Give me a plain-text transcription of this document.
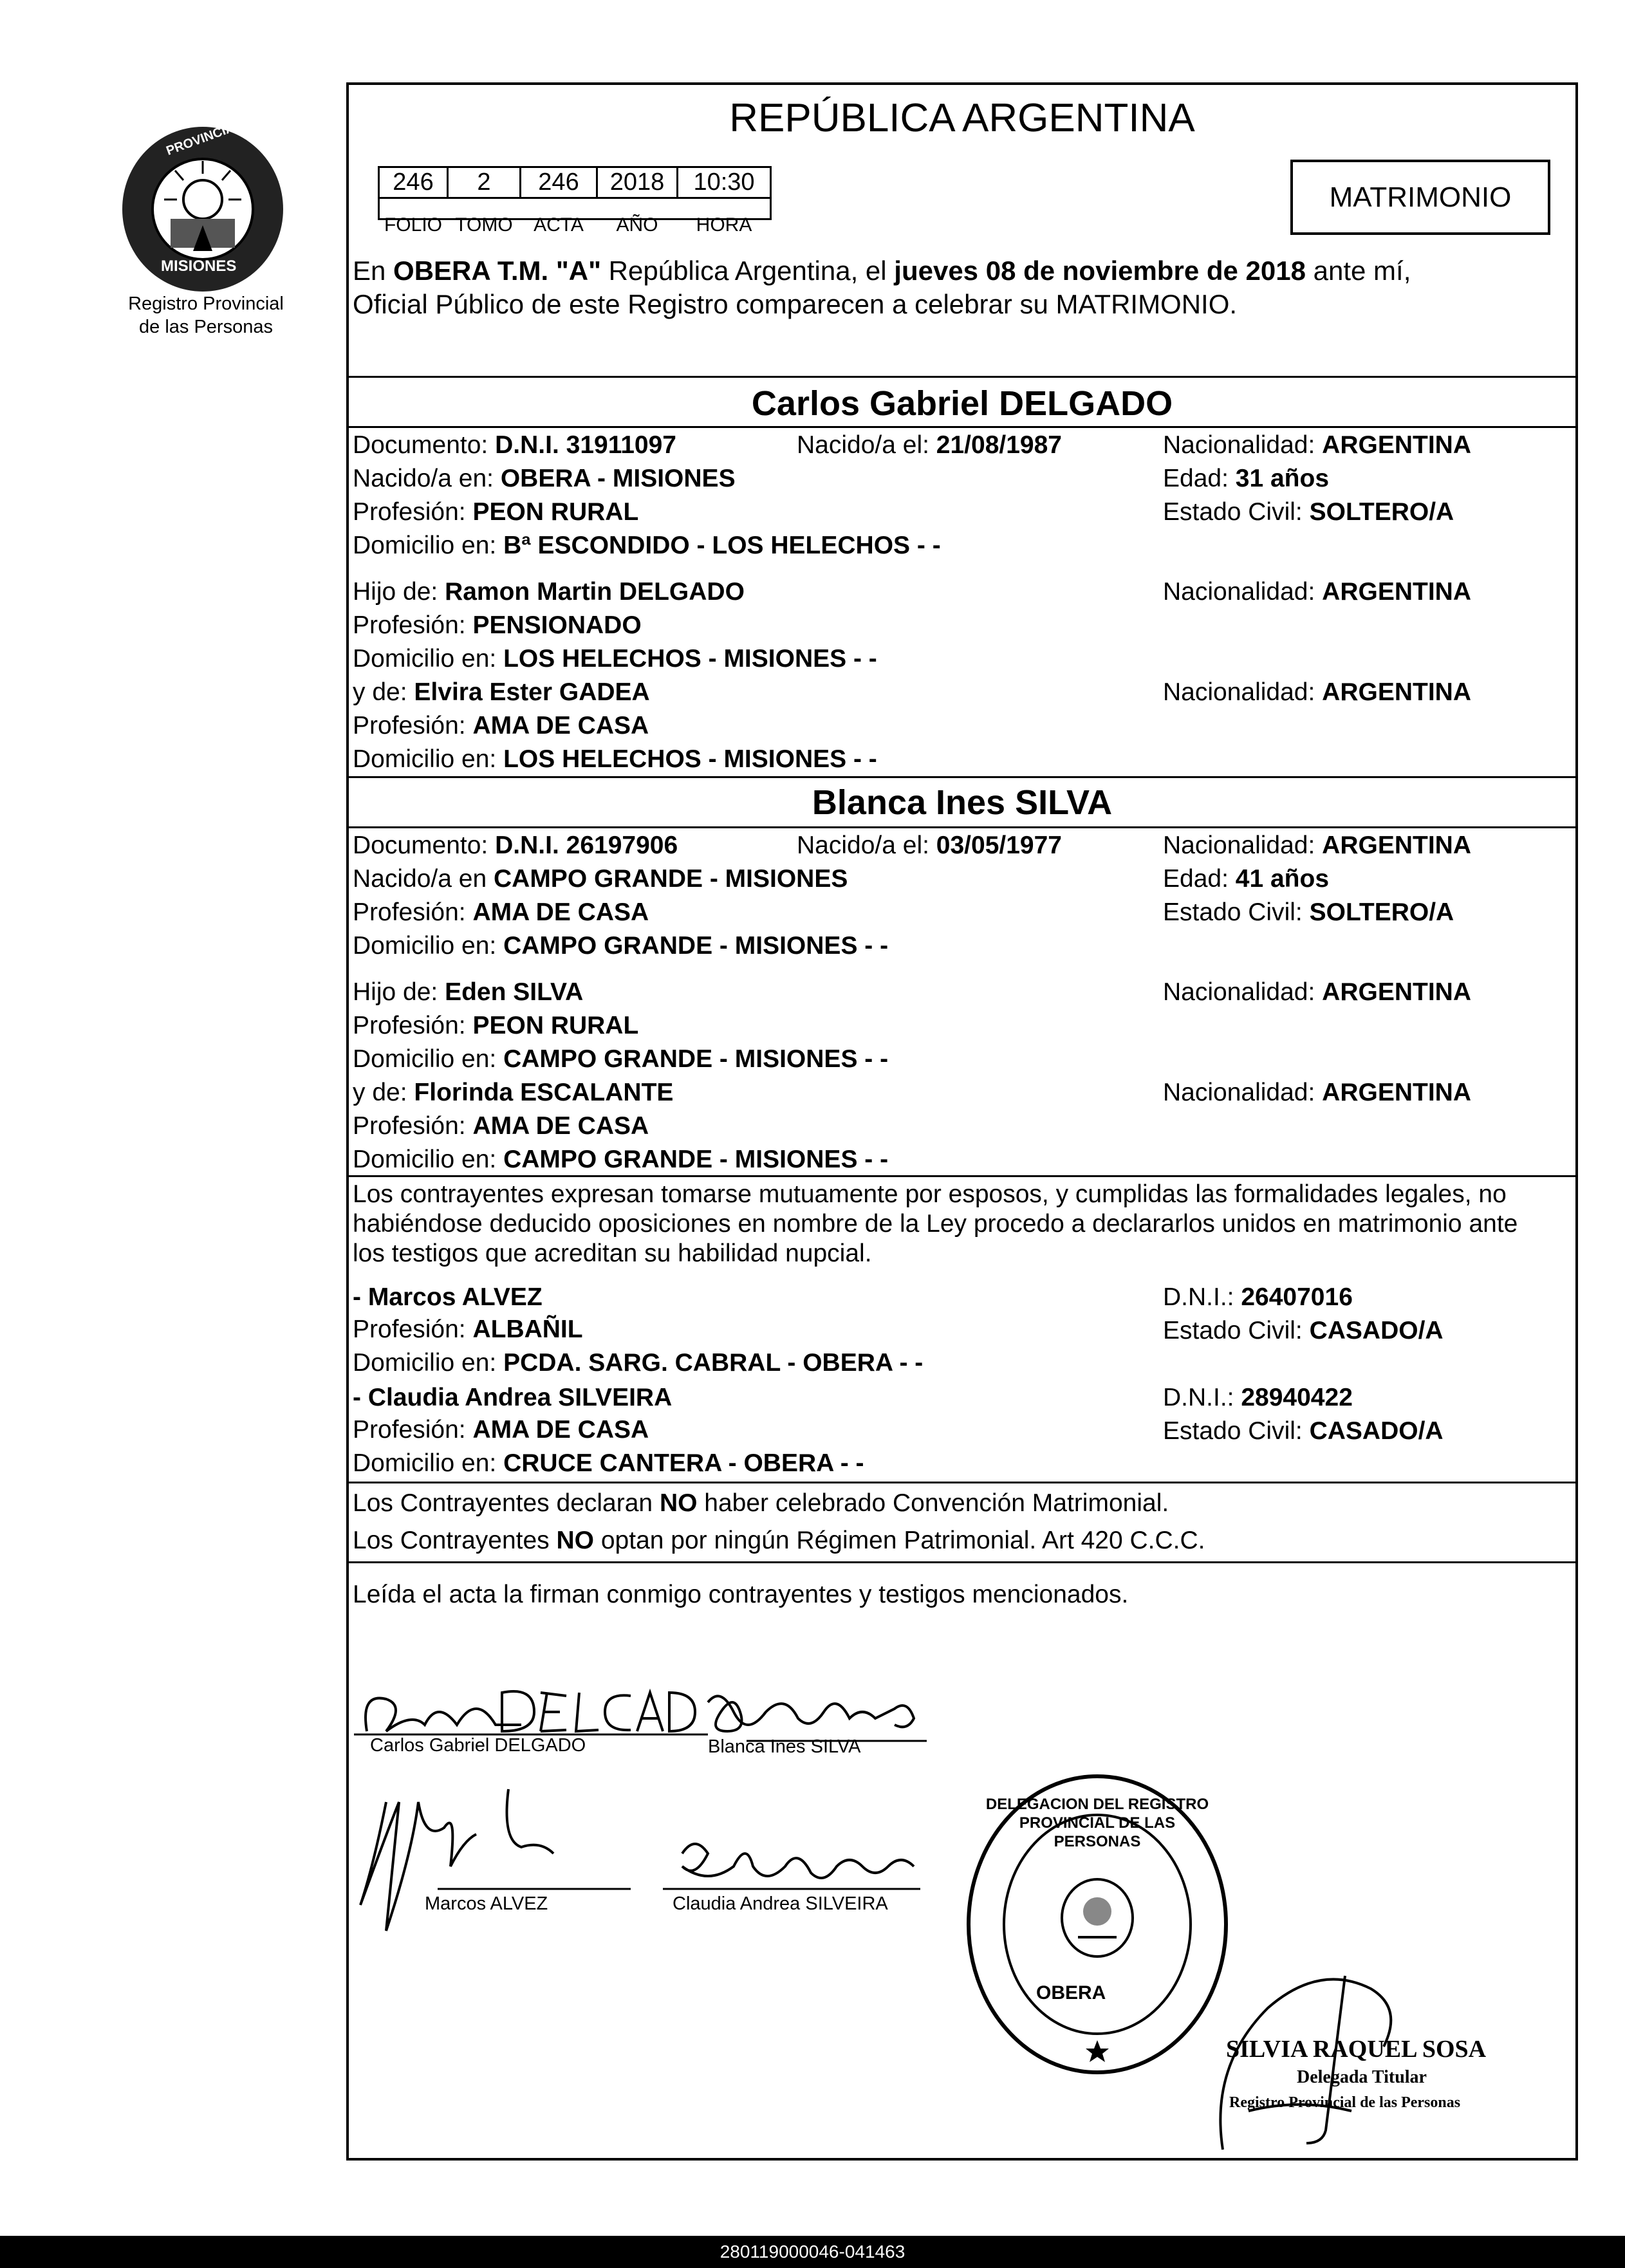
PROVINCIA DE
MISIONES
Registro Provincial
de las Personas
REPÚBLICA ARGENTINA
246	2	246	2018	10:30
FOLIO TOMO	ACTA	AÑO	HORA
MATRIMONIO
En OBERA T.M. "A" República Argentina, el jueves 08 de noviembre de 2018 ante mí,
Oficial Público de este Registro comparecen a celebrar su MATRIMONIO.
Carlos Gabriel DELGADO
Documento: D.N.I. 31911097	Nacido/a el: 21/08/1987	Nacionalidad: ARGENTINA
Nacido/a en: OBERA - MISIONES	Edad: 31 años
Profesión: PEON RURAL	Estado Civil: SOLTERO/A
Domicilio en: Bª ESCONDIDO - LOS HELECHOS - -
Hijo de: Ramon Martin DELGADO	Nacionalidad: ARGENTINA
Profesión: PENSIONADO
Domicilio en: LOS HELECHOS - MISIONES - -
y de: Elvira Ester GADEA	Nacionalidad: ARGENTINA
Profesión: AMA DE CASA
Domicilio en: LOS HELECHOS - MISIONES - -
Blanca Ines SILVA
Documento: D.N.I. 26197906	Nacido/a el: 03/05/1977	Nacionalidad: ARGENTINA
Nacido/a en CAMPO GRANDE - MISIONES	Edad: 41 años
Profesión: AMA DE CASA	Estado Civil: SOLTERO/A
Domicilio en: CAMPO GRANDE - MISIONES - -
Hijo de: Eden SILVA	Nacionalidad: ARGENTINA
Profesión: PEON RURAL
Domicilio en: CAMPO GRANDE - MISIONES - -
y de: Florinda ESCALANTE	Nacionalidad: ARGENTINA
Profesión: AMA DE CASA
Domicilio en: CAMPO GRANDE - MISIONES - -
Los contrayentes expresan tomarse mutuamente por esposos, y cumplidas las formalidades legales, no
habiéndose deducido oposiciones en nombre de la Ley procedo a declararlos unidos en matrimonio ante
los testigos que acreditan su habilidad nupcial.
- Marcos ALVEZ	D.N.I.: 26407016
Profesión: ALBAÑIL	Estado Civil: CASADO/A
Domicilio en: PCDA. SARG. CABRAL - OBERA - -
- Claudia Andrea SILVEIRA	D.N.I.: 28940422
Profesión: AMA DE CASA	Estado Civil: CASADO/A
Domicilio en: CRUCE CANTERA - OBERA - -
Los Contrayentes declaran NO haber celebrado Convención Matrimonial.
Los Contrayentes NO optan por ningún Régimen Patrimonial. Art 420 C.C.C.
Leída el acta la firman conmigo contrayentes y testigos mencionados.
Carlos Gabriel DELGADO	Blanca Ines SILVA
Marcos ALVEZ	Claudia Andrea SILVEIRA
DELEGACION DEL REGISTRO PROVINCIAL DE LAS PERSONAS
OBERA
SILVIA RAQUEL SOSA
Delegada Titular
Registro Provincial de las Personas
280119000046-041463
